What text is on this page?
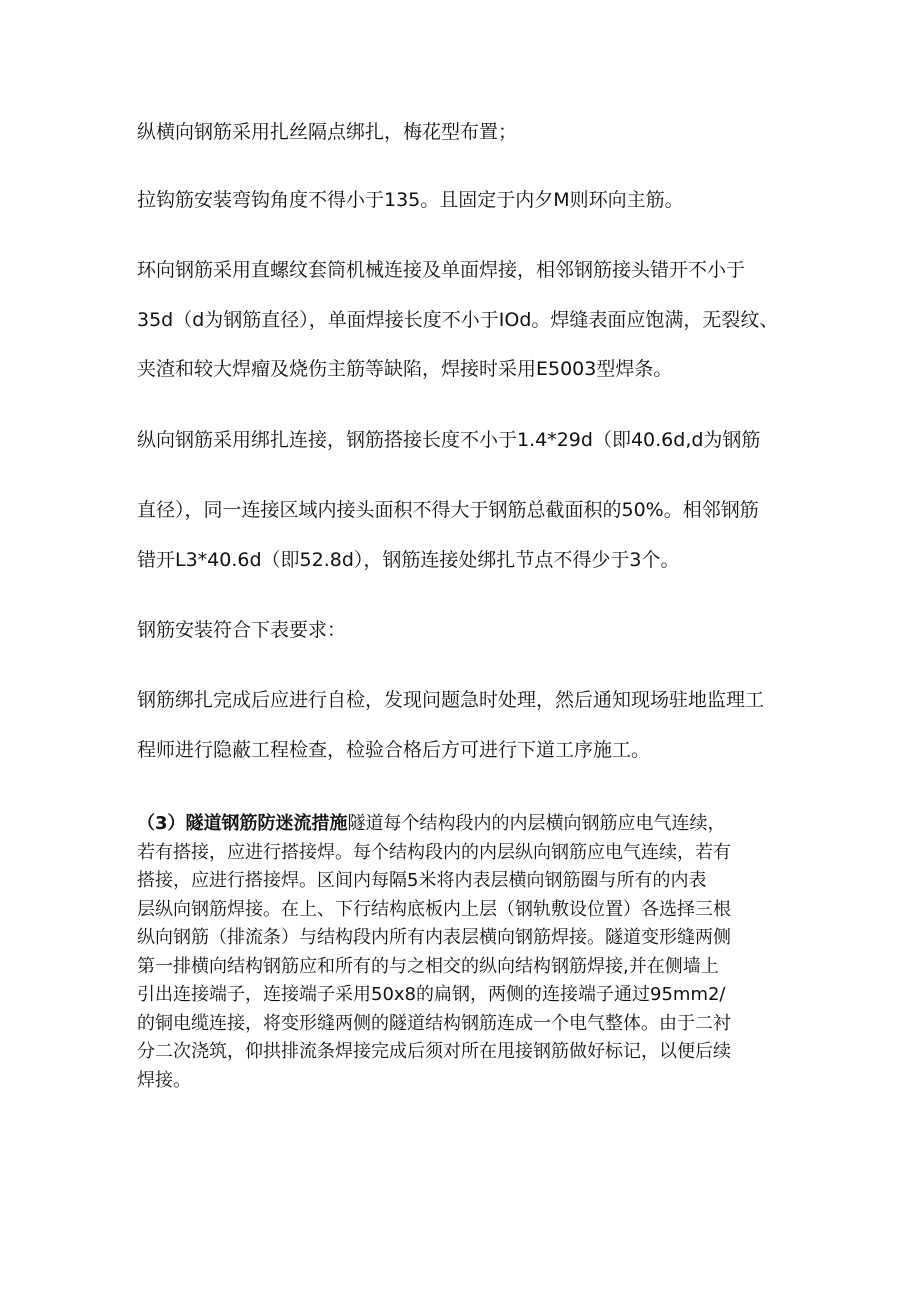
纵横向钢筋采用扎丝隔点绑扎，梅花型布置；

拉钩筋安装弯钩角度不得小于135。且固定于内夕M则环向主筋。

环向钢筋采用直螺纹套筒机械连接及单面焊接，相邻钢筋接头错开不小于

35d（d为钢筋直径），单面焊接长度不小于IOd。焊缝表面应饱满，无裂纹、

夹渣和较大焊瘤及烧伤主筋等缺陷，焊接时采用E5003型焊条。

纵向钢筋采用绑扎连接，钢筋搭接长度不小于1.4*29d（即40.6d,d为钢筋

直径），同一连接区域内接头面积不得大于钢筋总截面积的50%。相邻钢筋

错开L3*40.6d（即52.8d），钢筋连接处绑扎节点不得少于3个。

钢筋安装符合下表要求：

钢筋绑扎完成后应进行自检，发现问题急时处理，然后通知现场驻地监理工

程师进行隐蔽工程检查，检验合格后方可进行下道工序施工。

（3）隧道钢筋防迷流措施隧道每个结构段内的内层横向钢筋应电气连续，
若有搭接，应进行搭接焊。每个结构段内的内层纵向钢筋应电气连续，若有
搭接，应进行搭接焊。区间内每隔5米将内表层横向钢筋圈与所有的内表
层纵向钢筋焊接。在上、下行结构底板内上层（钢轨敷设位置）各选择三根
纵向钢筋（排流条）与结构段内所有内表层横向钢筋焊接。隧道变形缝两侧
第一排横向结构钢筋应和所有的与之相交的纵向结构钢筋焊接,并在侧墙上
引出连接端子，连接端子采用50x8的扁钢，两侧的连接端子通过95mm2∕
的铜电缆连接，将变形缝两侧的隧道结构钢筋连成一个电气整体。由于二衬
分二次浇筑，仰拱排流条焊接完成后须对所在甩接钢筋做好标记，以便后续
焊接。
